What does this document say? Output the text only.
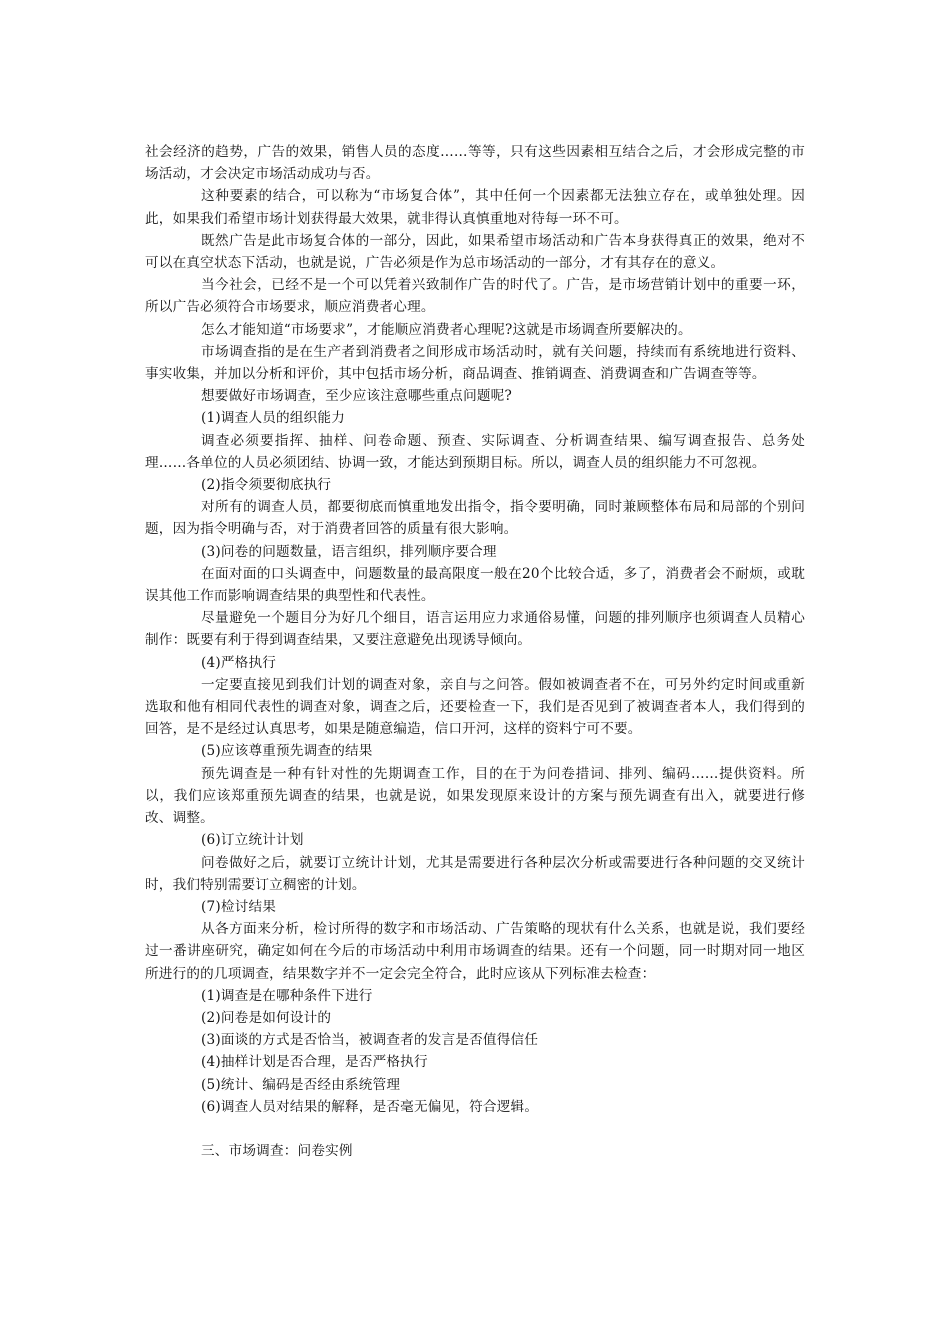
社会经济的趋势，广告的效果，销售人员的态度……等等，只有这些因素相互结合之后，才会形成完整的市场活动，才会决定市场活动成功与否。

这种要素的结合，可以称为“市场复合体”，其中任何一个因素都无法独立存在，或单独处理。因此，如果我们希望市场计划获得最大效果，就非得认真慎重地对待每一环不可。

既然广告是此市场复合体的一部分，因此，如果希望市场活动和广告本身获得真正的效果，绝对不可以在真空状态下活动，也就是说，广告必须是作为总市场活动的一部分，才有其存在的意义。

当今社会，已经不是一个可以凭着兴致制作广告的时代了。广告，是市场营销计划中的重要一环，所以广告必须符合市场要求，顺应消费者心理。

怎么才能知道“市场要求”，才能顺应消费者心理呢?这就是市场调查所要解决的。

市场调查指的是在生产者到消费者之间形成市场活动时，就有关问题，持续而有系统地进行资料、事实收集，并加以分析和评价，其中包括市场分析，商品调查、推销调查、消费调查和广告调查等等。

想要做好市场调查，至少应该注意哪些重点问题呢?

(1)调查人员的组织能力

调查必须要指挥、抽样、问卷命题、预查、实际调查、分析调查结果、编写调查报告、总务处理……各单位的人员必须团结、协调一致，才能达到预期目标。所以，调查人员的组织能力不可忽视。

(2)指令须要彻底执行

对所有的调查人员，都要彻底而慎重地发出指令，指令要明确，同时兼顾整体布局和局部的个别问题，因为指令明确与否，对于消费者回答的质量有很大影响。

(3)问卷的问题数量，语言组织，排列顺序要合理

在面对面的口头调查中，问题数量的最高限度一般在20个比较合适，多了，消费者会不耐烦，或耽误其他工作而影响调查结果的典型性和代表性。

尽量避免一个题目分为好几个细目，语言运用应力求通俗易懂，问题的排列顺序也须调查人员精心制作：既要有利于得到调查结果，又要注意避免出现诱导倾向。

(4)严格执行

一定要直接见到我们计划的调查对象，亲自与之问答。假如被调查者不在，可另外约定时间或重新选取和他有相同代表性的调查对象，调查之后，还要检查一下，我们是否见到了被调查者本人，我们得到的回答，是不是经过认真思考，如果是随意编造，信口开河，这样的资料宁可不要。

(5)应该尊重预先调查的结果

预先调查是一种有针对性的先期调查工作，目的在于为问卷措词、排列、编码……提供资料。所以，我们应该郑重预先调查的结果，也就是说，如果发现原来设计的方案与预先调查有出入，就要进行修改、调整。

(6)订立统计计划

问卷做好之后，就要订立统计计划，尤其是需要进行各种层次分析或需要进行各种问题的交叉统计时，我们特别需要订立稠密的计划。

(7)检讨结果

从各方面来分析，检讨所得的数字和市场活动、广告策略的现状有什么关系，也就是说，我们要经过一番讲座研究，确定如何在今后的市场活动中利用市场调查的结果。还有一个问题，同一时期对同一地区所进行的的几项调查，结果数字并不一定会完全符合，此时应该从下列标准去检查：

(1)调查是在哪种条件下进行

(2)问卷是如何设计的

(3)面谈的方式是否恰当，被调查者的发言是否值得信任

(4)抽样计划是否合理，是否严格执行

(5)统计、编码是否经由系统管理

(6)调查人员对结果的解释，是否毫无偏见，符合逻辑。

三、市场调查：问卷实例
